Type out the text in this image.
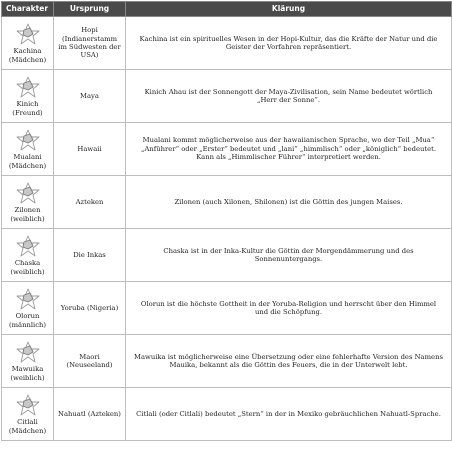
Charakter	Ursprung	Klärung

Kachina
(Mädchen)	Hopi
(Indianerstamm
im Südwesten der
USA)	Kachina ist ein spirituelles Wesen in der Hopi-Kultur, das die Kräfte der Natur und die Geister der Vorfahren repräsentiert.

Kinich
(Freund)	Maya	Kinich Ahau ist der Sonnengott der Maya-Zivilisation, sein Name bedeutet wörtlich „Herr der Sonne“.

Mualani
(Mädchen)	Hawaii	Mualani kommt möglicherweise aus der hawaiianischen Sprache, wo der Teil „Mua“ „Anführer“ oder „Erster“ bedeutet und „lani“ „himmlisch“ oder „königlich“ bedeutet. Kann als „Himmlischer Führer“ interpretiert werden.

Zilonen
(weiblich)	Azteken	Zilonen (auch Xilonen, Shilonen) ist die Göttin des jungen Maises.

Chaska
(weiblich)	Die Inkas	Chaska ist in der Inka-Kultur die Göttin der Morgendämmerung und des Sonnenuntergangs.

Olorun
(männlich)	Yoruba (Nigeria)	Olorun ist die höchste Gottheit in der Yoruba-Religion und herrscht über den Himmel und die Schöpfung.

Mawuika
(weiblich)	Maori
(Neuseeland)	Mawuika ist möglicherweise eine Übersetzung oder eine fehlerhafte Version des Namens Mauika, bekannt als die Göttin des Feuers, die in der Unterwelt lebt.

Citlali
(Mädchen)	Nahuatl (Azteken)	Citlali (oder Citlali) bedeutet „Stern“ in der in Mexiko gebräuchlichen Nahuatl-Sprache.
